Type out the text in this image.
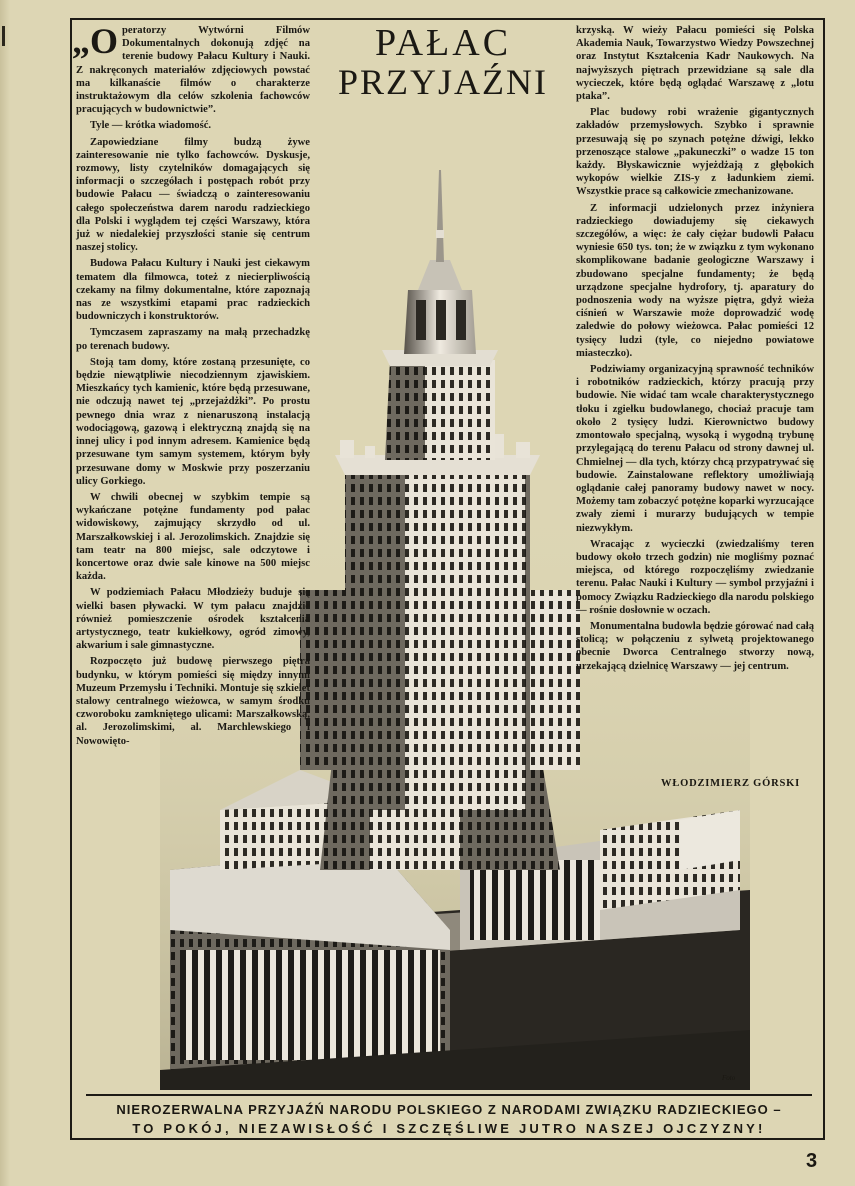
PAŁAC
PRZYJAŹNI

„Operatorzy Wytwórni Filmów Dokumentalnych dokonują zdjęć na terenie budowy Pałacu Kultury i Nauki. Z nakręconych materiałów zdjęciowych powstać ma kilkanaście filmów o charakterze instruktażowym dla celów szkolenia fachowców pracujących w budownictwie”.

Tyle — krótka wiadomość.

Zapowiedziane filmy budzą żywe zainteresowanie nie tylko fachowców. Dyskusje, rozmowy, listy czytelników domagających się informacji o szczegółach i postępach robót przy budowie Pałacu — świadczą o zainteresowaniu całego społeczeństwa darem narodu radzieckiego dla Polski i wyglądem tej części Warszawy, która już w niedalekiej przyszłości stanie się centrum naszej stolicy.

Budowa Pałacu Kultury i Nauki jest ciekawym tematem dla filmowca, toteż z niecierpliwością czekamy na filmy dokumentalne, które zapoznają nas ze wszystkimi etapami prac radzieckich budowniczych i konstruktorów.

Tymczasem zapraszamy na małą przechadzkę po terenach budowy.

Stoją tam domy, które zostaną przesunięte, co będzie niewątpliwie niecodziennym zjawiskiem. Mieszkańcy tych kamienic, które będą przesuwane, nie odczują nawet tej „przejażdżki”. Po prostu pewnego dnia wraz z nienaruszoną instalacją wodociągową, gazową i elektryczną znajdą się na innej ulicy i pod innym adresem. Kamienice będą przesuwane tym samym systemem, którym były przesuwane domy w Moskwie przy poszerzaniu ulicy Gorkiego.

W chwili obecnej w szybkim tempie są wykańczane potężne fundamenty pod pałac widowiskowy, zajmujący skrzydło od ul. Marszałkowskiej i al. Jerozolimskich. Znajdzie się tam teatr na 800 miejsc, sale odczytowe i koncertowe oraz dwie sale kinowe na 500 miejsc każda.

W podziemiach Pałacu Młodzieży buduje się wielki basen pływacki. W tym pałacu znajdzie również pomieszczenie ośrodek kształcenia artystycznego, teatr kukiełkowy, ogród zimowy, akwarium i sale gimnastyczne.

Rozpoczęto już budowę pierwszego piętra budynku, w którym pomieści się między innymi Muzeum Przemysłu i Techniki. Montuje się szkielet stalowy centralnego wieżowca, w samym środku czworoboku zamkniętego ulicami: Marszałkowską, al. Jerozolimskimi, al. Marchlewskiego i Nowowięto-

krzyską. W wieży Pałacu pomieści się Polska Akademia Nauk, Towarzystwo Wiedzy Powszechnej oraz Instytut Kształcenia Kadr Naukowych. Na najwyższych piętrach przewidziane są sale dla wycieczek, które będą oglądać Warszawę z „lotu ptaka”.

Plac budowy robi wrażenie gigantycznych zakładów przemysłowych. Szybko i sprawnie przesuwają się po szynach potężne dźwigi, lekko przenoszące stalowe „pakuneczki” o wadze 15 ton każdy. Błyskawicznie wyjeżdżają z głębokich wykopów wielkie ZIS-y z ładunkiem ziemi. Wszystkie prace są całkowicie zmechanizowane.

Z informacji udzielonych przez inżyniera radzieckiego dowiadujemy się ciekawych szczegółów, a więc: że cały ciężar budowli Pałacu wyniesie 650 tys. ton; że w związku z tym wykonano skomplikowane badanie geologiczne Warszawy i zbudowano specjalne fundamenty; że będą urządzone specjalne hydrofory, tj. aparatury do podnoszenia wody na wyższe piętra, gdyż wieża ciśnień w Warszawie może doprowadzić wodę zaledwie do połowy wieżowca. Pałac pomieści 12 tysięcy ludzi (tyle, co niejedno powiatowe miasteczko).

Podziwiamy organizacyjną sprawność techników i robotników radzieckich, którzy pracują przy budowie. Nie widać tam wcale charakterystycznego tłoku i zgiełku budowlanego, chociaż pracuje tam około 2 tysięcy ludzi. Kierownictwo budowy zmontowało specjalną, wysoką i wygodną trybunę przylegającą do terenu Pałacu od strony dawnej ul. Chmielnej — dla tych, którzy chcą przypatrywać się budowie. Zainstalowane reflektory umożliwiają oglądanie całej panoramy budowy nawet w nocy. Możemy tam zobaczyć potężne koparki wyrzucające zwały ziemi i murarzy budujących w tempie niezwykłym.

Wracając z wycieczki (zwiedzaliśmy teren budowy około trzech godzin) nie mogliśmy poznać miejsca, od którego rozpoczęliśmy zwiedzanie terenu. Pałac Nauki i Kultury — symbol przyjaźni i pomocy Związku Radzieckiego dla narodu polskiego — rośnie dosłownie w oczach.

Monumentalna budowla będzie górować nad całą stolicą; w połączeniu z sylwetą projektowanego obecnie Dworca Centralnego stworzy nową, urzekającą dzielnicę Warszawy — jej centrum.

WŁODZIMIERZ GÓRSKI
Foto
NIEROZERWALNA PRZYJAŹŃ NARODU POLSKIEGO Z NARODAMI ZWIĄZKU RADZIECKIEGO –
TO POKÓJ, NIEZAWISŁOŚĆ I SZCZĘŚLIWE JUTRO NASZEJ OJCZYZNY!
3
